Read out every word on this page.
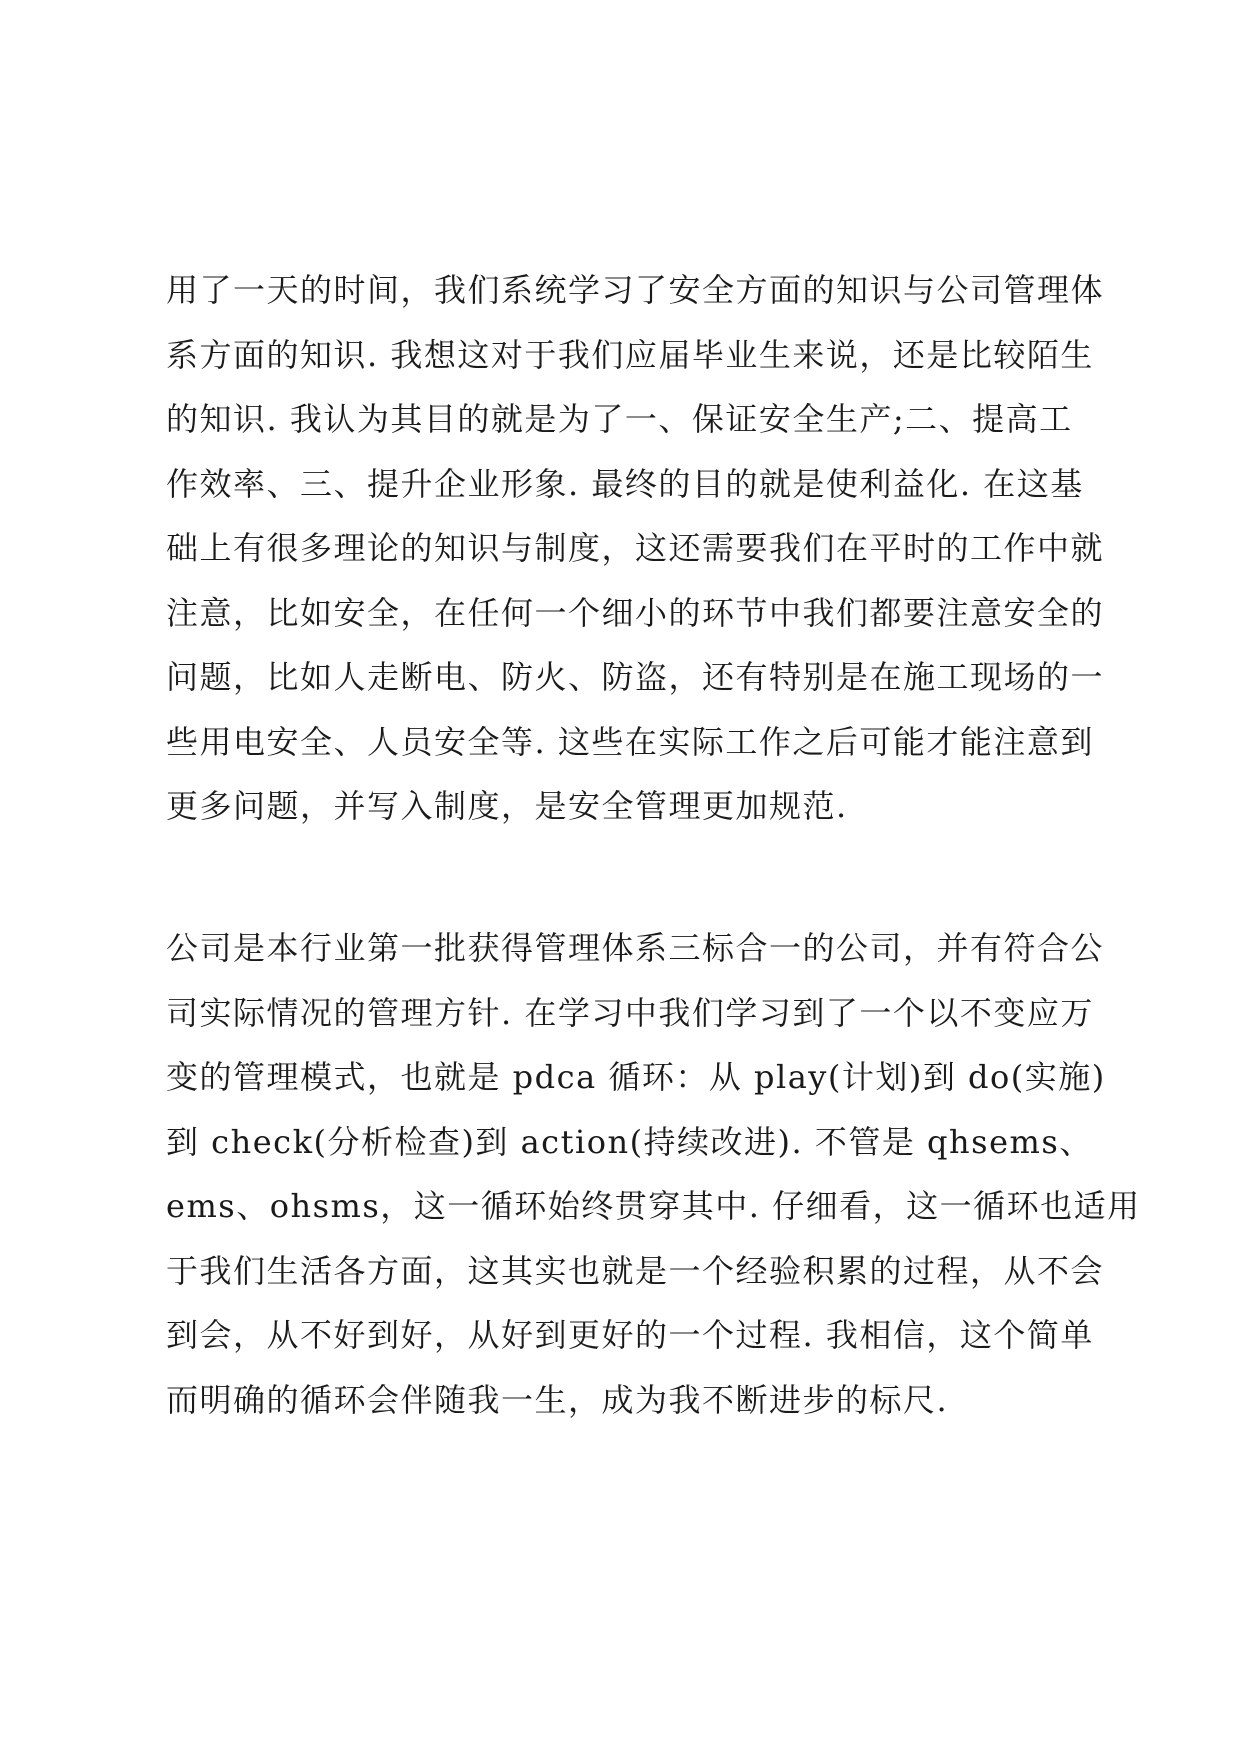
用了一天的时间，我们系统学习了安全方面的知识与公司管理体
系方面的知识. 我想这对于我们应届毕业生来说，还是比较陌生
的知识. 我认为其目的就是为了一、保证安全生产;二、提高工
作效率、三、提升企业形象. 最终的目的就是使利益化. 在这基
础上有很多理论的知识与制度，这还需要我们在平时的工作中就
注意，比如安全，在任何一个细小的环节中我们都要注意安全的
问题，比如人走断电、防火、防盗，还有特别是在施工现场的一
些用电安全、人员安全等. 这些在实际工作之后可能才能注意到
更多问题，并写入制度，是安全管理更加规范.
公司是本行业第一批获得管理体系三标合一的公司，并有符合公
司实际情况的管理方针. 在学习中我们学习到了一个以不变应万
变的管理模式，也就是 pdca 循环：从 play(计划)到 do(实施)
到 check(分析检查)到 action(持续改进). 不管是 qhsems、
ems、ohsms，这一循环始终贯穿其中. 仔细看，这一循环也适用
于我们生活各方面，这其实也就是一个经验积累的过程，从不会
到会，从不好到好，从好到更好的一个过程. 我相信，这个简单
而明确的循环会伴随我一生，成为我不断进步的标尺.
